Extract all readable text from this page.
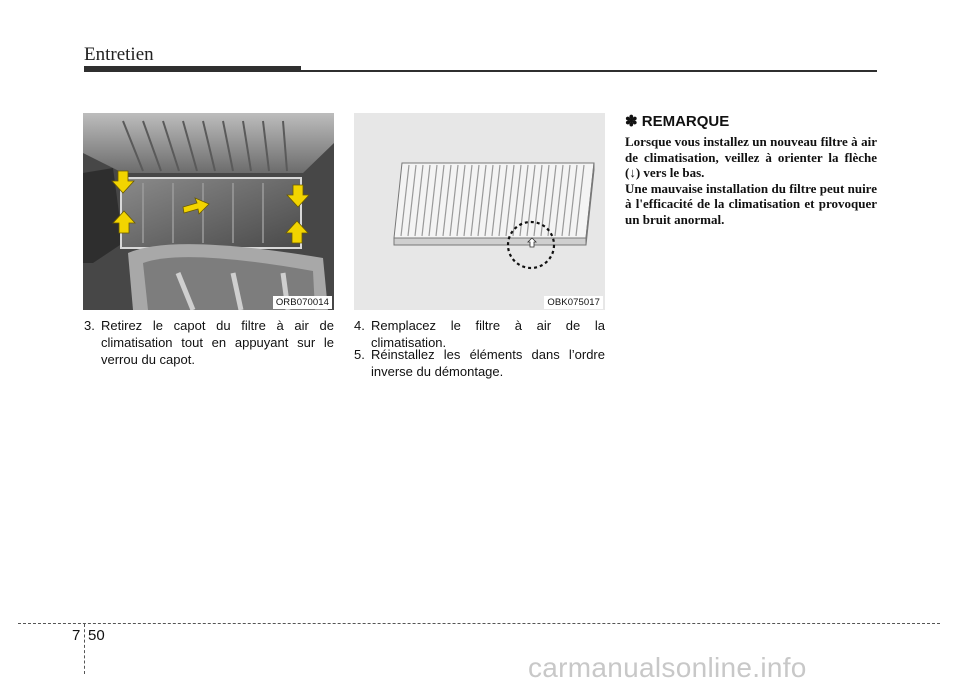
Entretien
ORB070014	OBK075017
3. Retirez le capot du filtre à air de climatisation tout en appuyant sur le verrou du capot.
4. Remplacez le filtre à air de la climatisation.
5. Réinstallez les éléments dans l’ordre inverse du démontage.
✽ REMARQUE

Lorsque vous installez un nouveau filtre à air de climatisation, veillez à orienter la flèche (↓) vers le bas.

Une mauvaise installation du filtre peut nuire à l'efficacité de la climatisation et provoquer un bruit anormal.

7 50
carmanualsonline.info
